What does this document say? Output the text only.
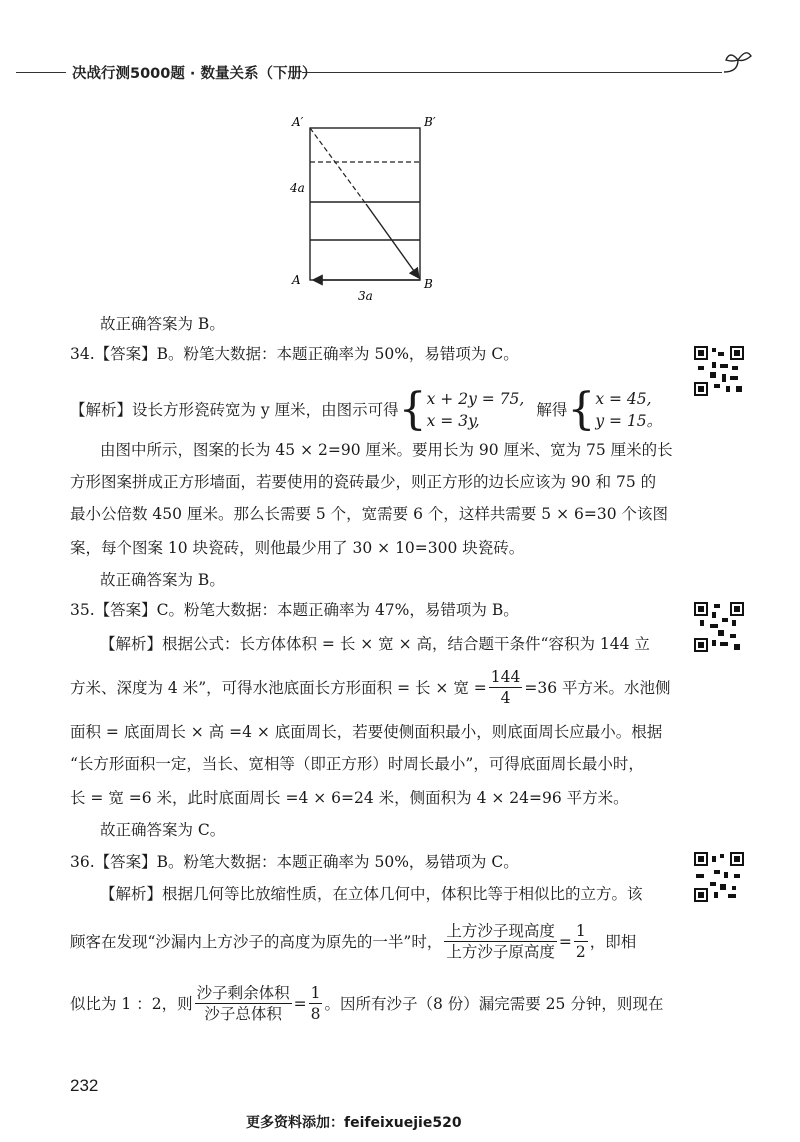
决战行测5000题 · 数量关系（下册）
A′	B′
4a
A	B
3a
故正确答案为 B。
34.【答案】B。粉笔大数据：本题正确率为 50%，易错项为 C。
【解析】设长方形瓷砖宽为 y 厘米，由图示可得 { x + 2y = 75,
x = 3y,
解得 { x = 45,
y = 15。
由图中所示，图案的长为 45 × 2=90 厘米。要用长为 90 厘米、宽为 75 厘米的长
方形图案拼成正方形墙面，若要使用的瓷砖最少，则正方形的边长应该为 90 和 75 的
最小公倍数 450 厘米。那么长需要 5 个，宽需要 6 个，这样共需要 5 × 6=30 个该图
案，每个图案 10 块瓷砖，则他最少用了 30 × 10=300 块瓷砖。
故正确答案为 B。
35.【答案】C。粉笔大数据：本题正确率为 47%，易错项为 B。
【解析】根据公式：长方体体积 = 长 × 宽 × 高，结合题干条件“容积为 144 立
方米、深度为 4 米”，可得水池底面长方形面积 = 长 × 宽 = $\frac{144}{4} =36$ 平方米。水池侧
面积 = 底面周长 × 高 =4 × 底面周长，若要使侧面积最小，则底面周长应最小。根据
“长方形面积一定，当长、宽相等（即正方形）时周长最小”，可得底面周长最小时，
长 = 宽 =6 米，此时底面周长 =4 × 6=24 米，侧面积为 4 × 24=96 平方米。
故正确答案为 C。
36.【答案】B。粉笔大数据：本题正确率为 50%，易错项为 C。
【解析】根据几何等比放缩性质，在立体几何中，体积比等于相似比的立方。该
顾客在发现“沙漏内上方沙子的高度为原先的一半”时， $\frac{\text{上方沙子现高度}}{\text{上方沙子原高度}} = \frac{1}{2}$ ，即相
似比为 1 ：2，则 $\frac{\text{沙子剩余体积}}{\text{沙子总体积}} = \frac{1}{8}$ 。因所有沙子（8 份）漏完需要 25 分钟，则现在
232
更多资料添加：feifeixuejie520
